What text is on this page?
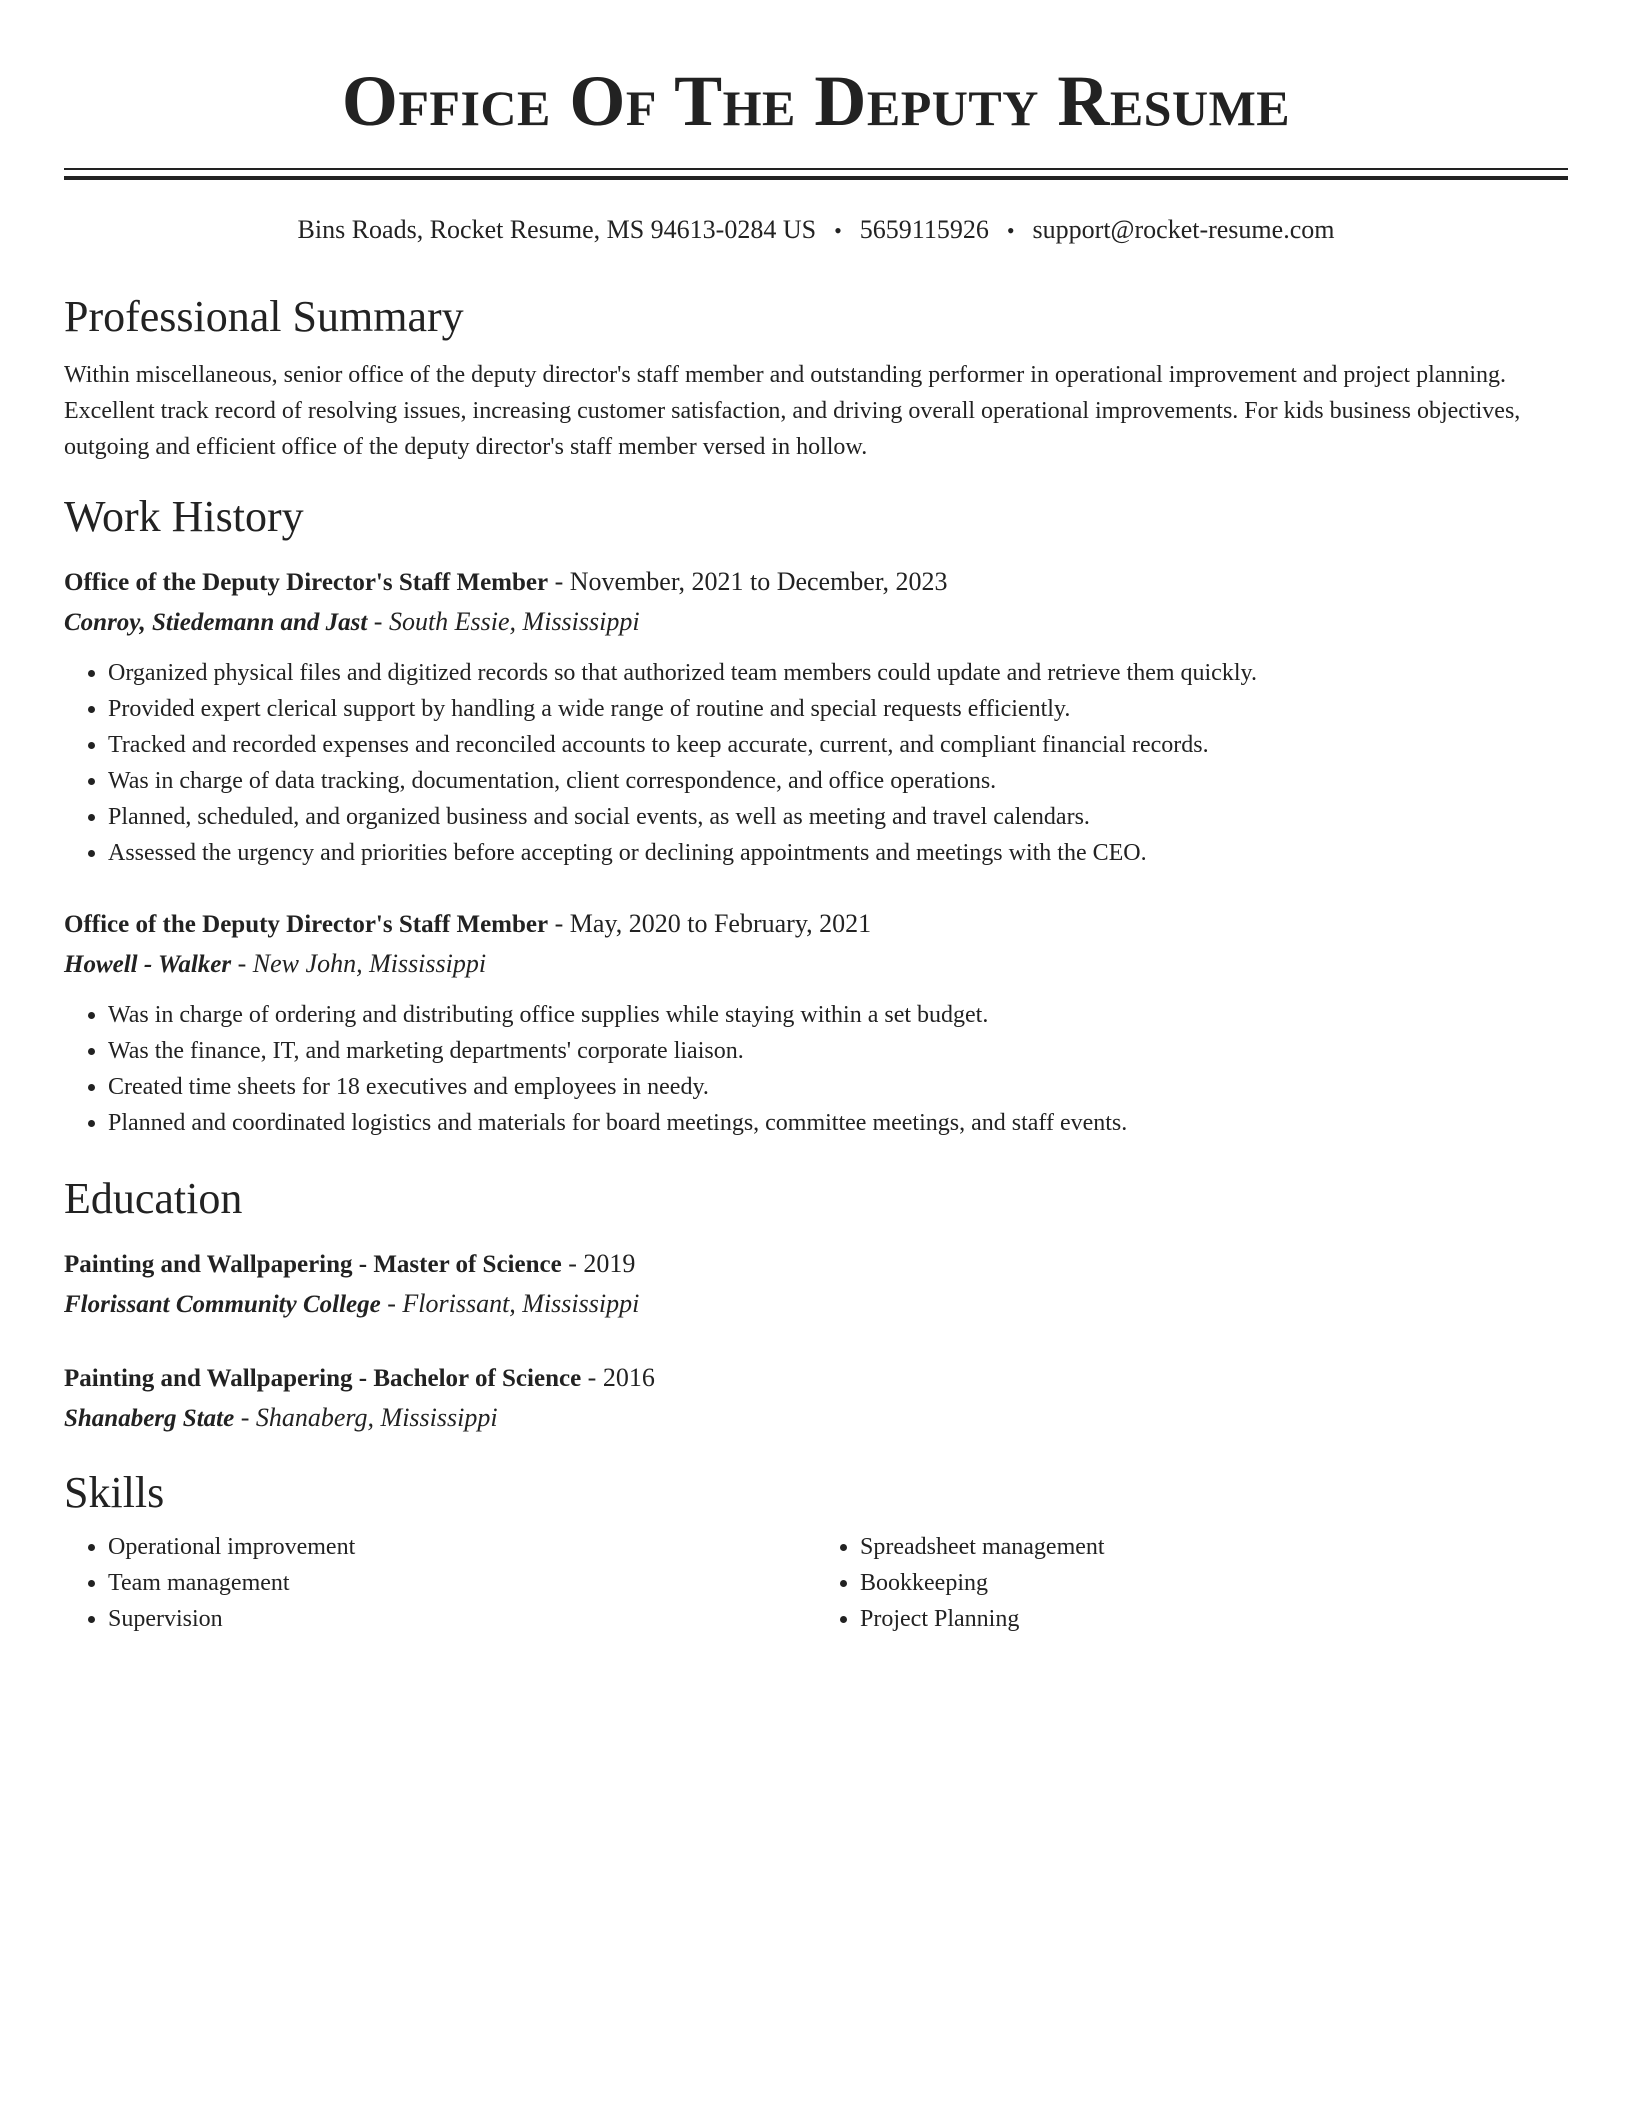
Office Of The Deputy Resume
Bins Roads, Rocket Resume, MS 94613-0284 US • 5659115926 • support@rocket-resume.com
Professional Summary

Within miscellaneous, senior office of the deputy director's staff member and outstanding performer in operational improvement and project planning. Excellent track record of resolving issues, increasing customer satisfaction, and driving overall operational improvements. For kids business objectives, outgoing and efficient office of the deputy director's staff member versed in hollow.

Work History
Office of the Deputy Director's Staff Member - November, 2021 to December, 2023
Conroy, Stiedemann and Jast - South Essie, Mississippi
• Organized physical files and digitized records so that authorized team members could update and retrieve them quickly.
• Provided expert clerical support by handling a wide range of routine and special requests efficiently.
• Tracked and recorded expenses and reconciled accounts to keep accurate, current, and compliant financial records.
• Was in charge of data tracking, documentation, client correspondence, and office operations.
• Planned, scheduled, and organized business and social events, as well as meeting and travel calendars.
• Assessed the urgency and priorities before accepting or declining appointments and meetings with the CEO.
Office of the Deputy Director's Staff Member - May, 2020 to February, 2021
Howell - Walker - New John, Mississippi
• Was in charge of ordering and distributing office supplies while staying within a set budget.
• Was the finance, IT, and marketing departments' corporate liaison.
• Created time sheets for 18 executives and employees in needy.
• Planned and coordinated logistics and materials for board meetings, committee meetings, and staff events.
Education
Painting and Wallpapering - Master of Science - 2019
Florissant Community College - Florissant, Mississippi
Painting and Wallpapering - Bachelor of Science - 2016
Shanaberg State - Shanaberg, Mississippi
Skills
• Operational improvement
• Team management
• Supervision
• Spreadsheet management
• Bookkeeping
• Project Planning
